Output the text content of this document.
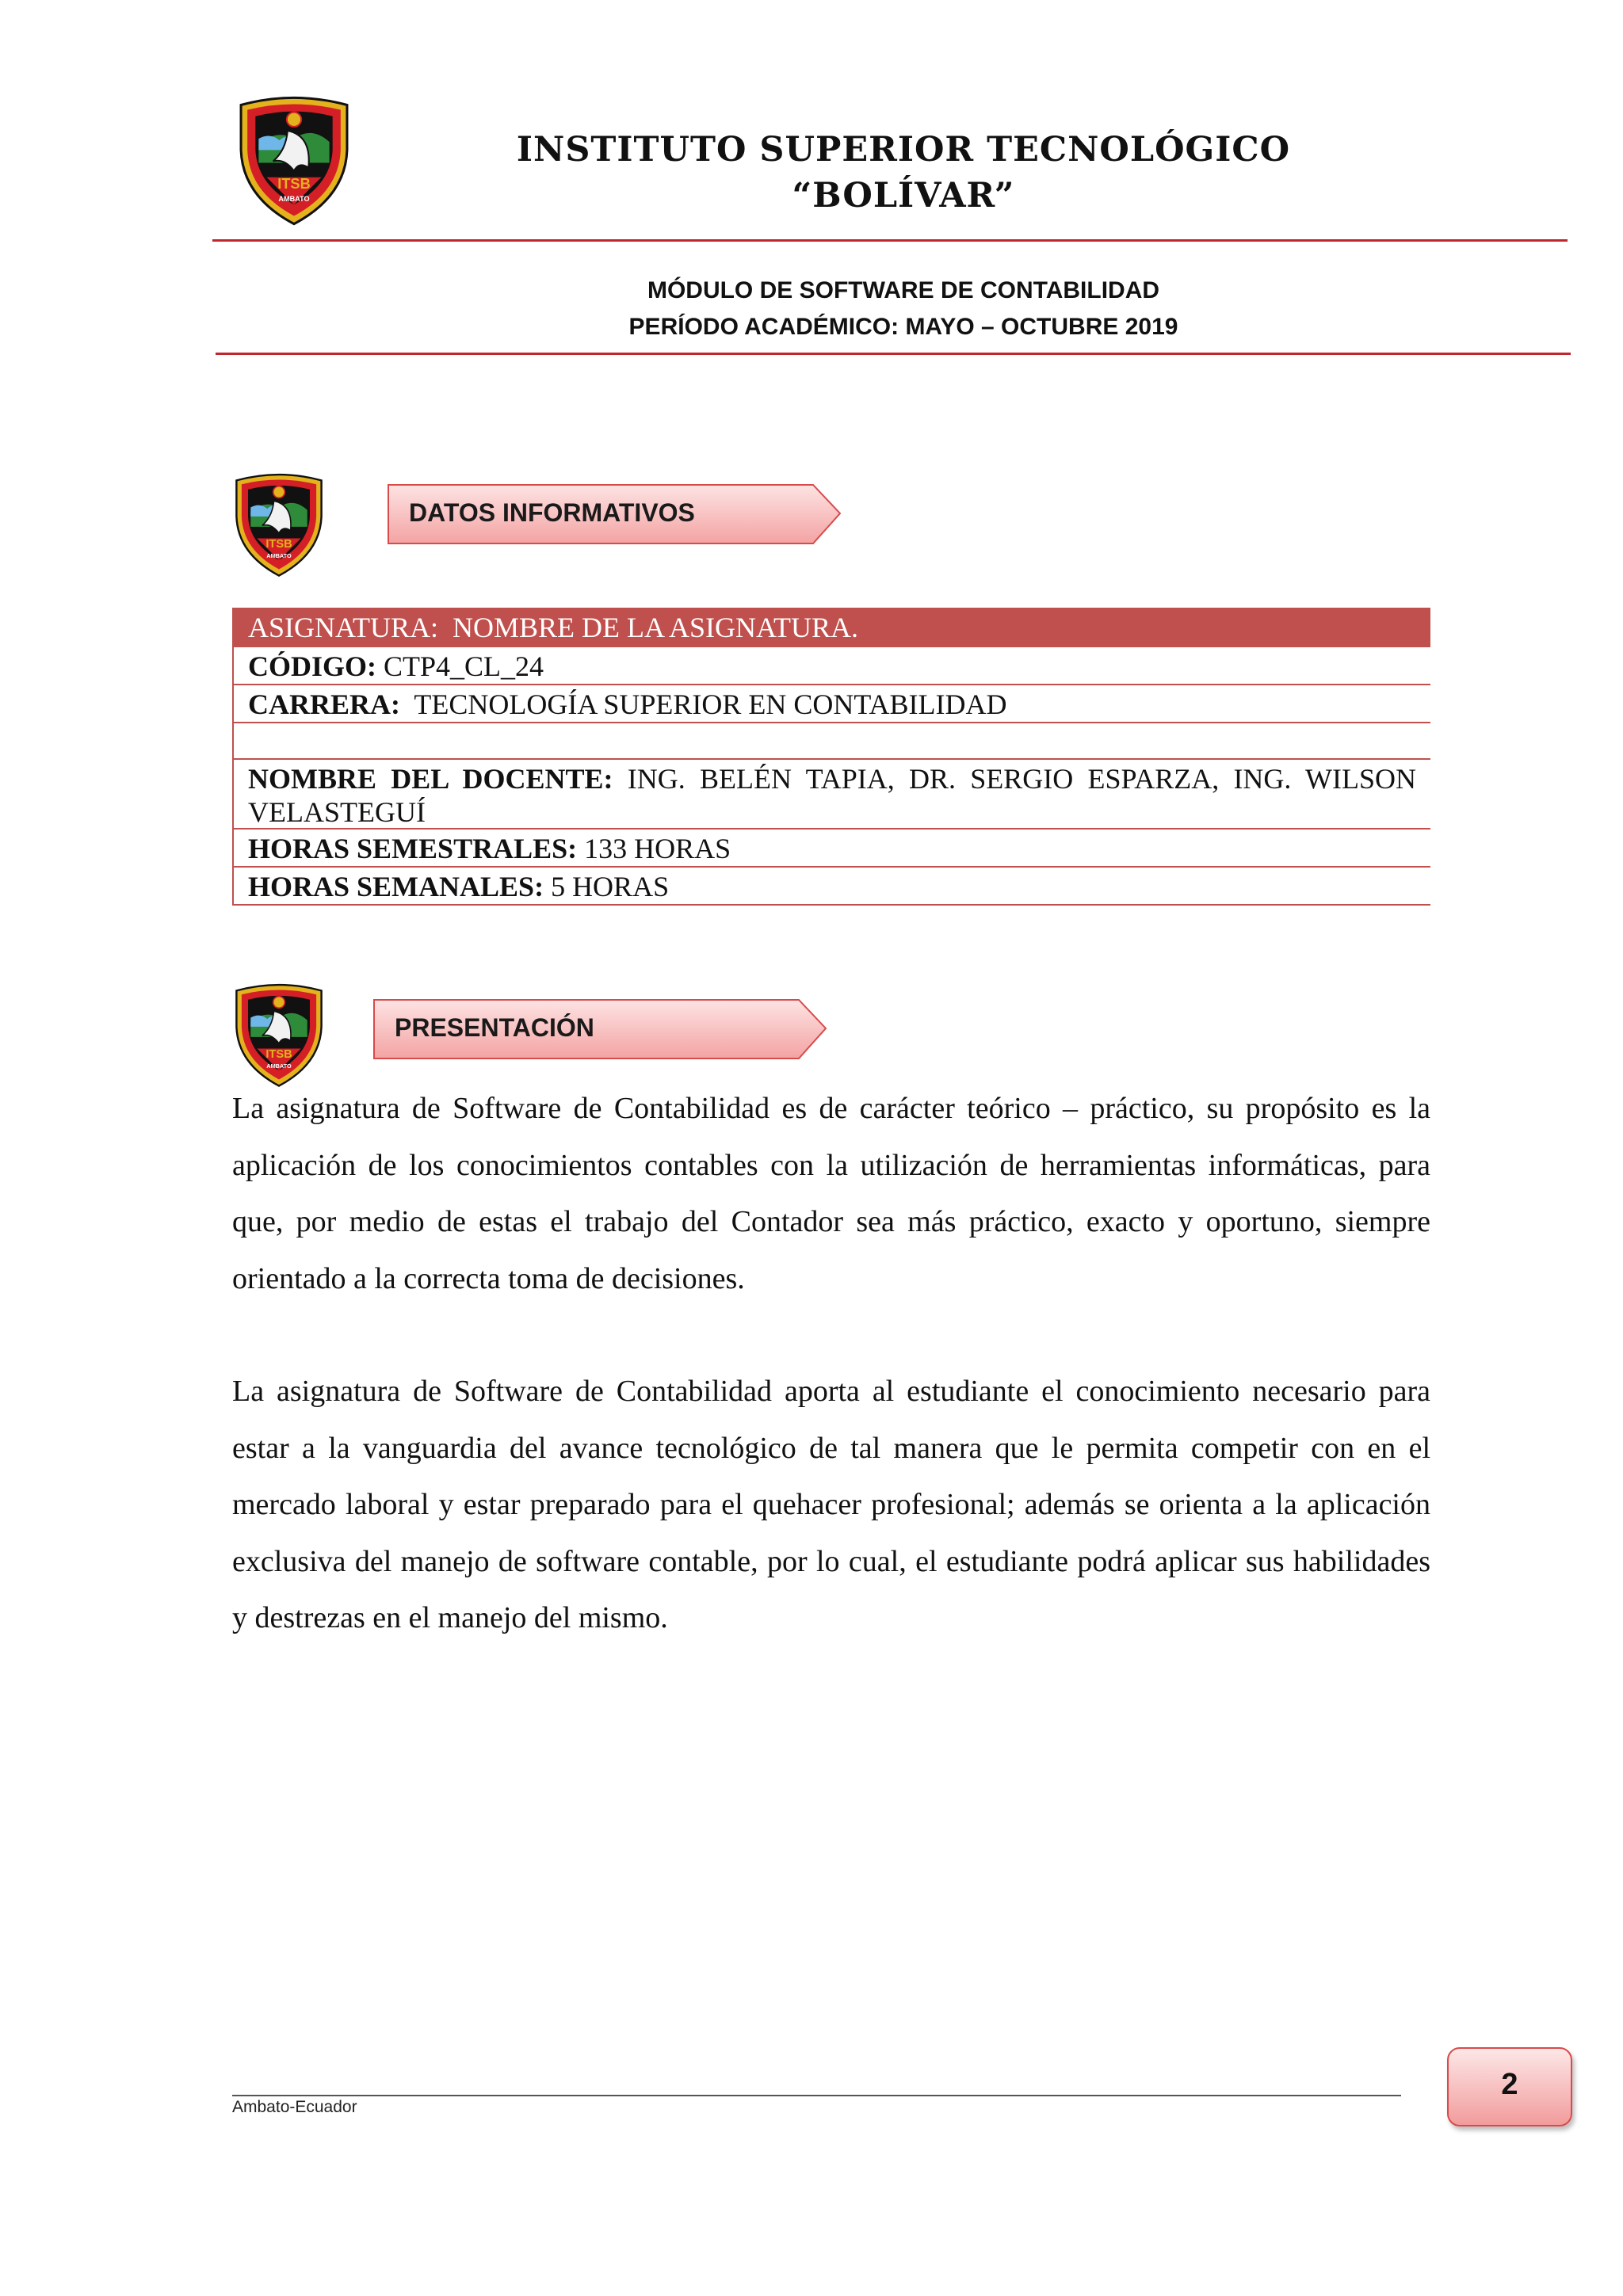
INSTITUTO SUPERIOR TECNOLÓGICO
“BOLÍVAR”
MÓDULO DE SOFTWARE DE CONTABILIDAD
PERÍODO ACADÉMICO: MAYO – OCTUBRE 2019
DATOS INFORMATIVOS
ASIGNATURA: NOMBRE DE LA ASIGNATURA.
CÓDIGO: CTP4_CL_24
CARRERA: TECNOLOGÍA SUPERIOR EN CONTABILIDAD
NOMBRE DEL DOCENTE: ING. BELÉN TAPIA, DR. SERGIO ESPARZA, ING. WILSON VELASTEGUÍ
HORAS SEMESTRALES: 133 HORAS
HORAS SEMANALES: 5 HORAS
PRESENTACIÓN

La asignatura de Software de Contabilidad es de carácter teórico – práctico, su propósito es la aplicación de los conocimientos contables con la utilización de herramientas informáticas, para que, por medio de estas el trabajo del Contador sea más práctico, exacto y oportuno, siempre orientado a la correcta toma de decisiones.

La asignatura de Software de Contabilidad aporta al estudiante el conocimiento necesario para estar a la vanguardia del avance tecnológico de tal manera que le permita competir con en el mercado laboral y estar preparado para el quehacer profesional; además se orienta a la aplicación exclusiva del manejo de software contable, por lo cual, el estudiante podrá aplicar sus habilidades y destrezas en el manejo del mismo.

Ambato-Ecuador
2
